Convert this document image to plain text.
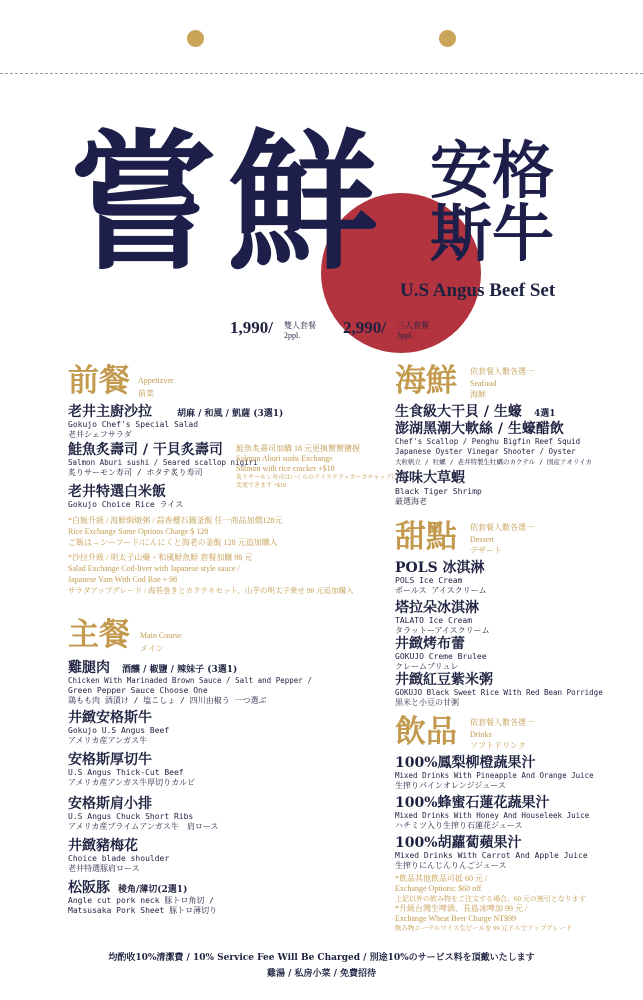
嘗 鮮 安格
斯牛
U.S Angus Beef Set
1,990/ 雙人套餐
2ppl.	2,990/ 三人套餐
3ppl.
前餐 Appetizver
前菜
老井主廚沙拉	胡麻 / 和風 / 凱薩 (3選1)
Gokujo Chef's Special Salad
老井シェフサラダ
鮭魚炙壽司 / 干貝炙壽司
Salmon Aburi sushi / Seared scallop nigiri
炙りサーモン寿司 / ホタテ炙り寿司
鮭魚炙壽司加購 18 元更換蟹蟹鹽握
Salmon Aburi sushi Exchange
Salmon with rice cracker +$18
炙りサーモン寿司はいくらのライスクラッカーカチャップに
変更できます +$18
老井特選白米飯
Gokujo Choice Rice ライス
*白飯升級 / 海鮮焗燉粥 / 蒜香櫻石鍋釜飯 任一商品加價128元
Rice Exchange Same Options Charge $ 128
ご飯は→シーフード/にんにくと海老の釜飯 128 元追加購入
*沙拉升級 / 明太子山藥・和風鮮魚鮮 套餐加購 98 元
Salad Exchange Cod-liver with Japanese style sauce /
Japanese Yam With Cod Roe + 98
サラダアップグレード / 海苔巻きとカクテキセット、山芋の明太子乗せ 98 元追加購入
主餐 Main Course
メイン
雞腿肉 酒釀 / 椒鹽 / 辣妹子 (3選1)
Chicken With Marinaded Brown Sauce / Salt and Pepper /
Green Pepper Sauce Choose One
鶏もも肉 酒漬け / 塩こしょ / 四川由椒う 一つ選ぶ
井緻安格斯牛
Gokujo U.S Angus Beef
アメリカ産アンガス牛
安格斯厚切牛
U.S Angus Thick-Cut Beef
アメリカ産アンガス牛厚切りカルビ
安格斯肩小排
U.S Angus Chuck Short Ribs
アメリカ産プライムアンガス牛　肩ロース
井緻豬梅花
Choice blade shoulder
老井特選豚肩ロース
松阪豚 稜角/薄切(2選1)
Angle cut pork neck 豚トロ角切 /
Matsusaka Pork Sheet 豚トロ薄切り
海鮮 依套餐人數各選一
Seafood
海鮮
生食級大干貝 / 生蠔 4選1
澎湖黑潮大軟絲 / 生蠔醋飲
Chef's Scallop / Penghu Bigfin Reef Squid
Japanese Oyster Vinegar Shooter / Oyster
大粒帆立 / 牡蠣 / 老井特製生牡蠣のカクテル / 国産アオリイカ
海味大草蝦
Black Tiger Shrimp
厳選海老
甜點 依套餐人數各選一
Dessert
デザート
POLS 冰淇淋
POLS Ice Cream
ポールス アイスクリーム
塔拉朵冰淇淋
TALATO Ice Cream
タラットーアイスクリーム
井緻烤布蕾
GOKUJO Creme Brulee
クレームブリュレ
井緻紅豆紫米粥
GOKUJO Black Sweet Rice With Red Bean Porridge
黒米と小豆の甘粥
飲品 依套餐人數各選一
Drinks
ソフトドリンク
100%鳳梨柳橙蔬果汁
Mixed Drinks With Pineapple And Orange Juice
生搾りパインオレンジジュース
100%蜂蜜石蓮花蔬果汁
Mixed Drinks With Honey And Houseleek Juice
ハチミツ入り生搾り石蓮花ジュース
100%胡蘿蔔蘋果汁
Mixed Drinks With Carrot And Apple Juice
生搾りにんじんりんごジュース
*飲品其他飲品可抵 60 元 /
Exchange Options: $60 off
上記以外の飲み物をご注文する場合、60 元の割引となります
*升級台灣生啤酒、長島冰啤加 99 元 /
Exchange Wheat Beer Charge NT$99
飲み物エーデルワイス生ビールを 99 元ドルでアップグレード
均酌收10%清潔費 / 10% Service Fee Will Be Charged / 別途10%のサービス料を頂戴いたします
雞湯 / 私房小菜 / 免費招待
